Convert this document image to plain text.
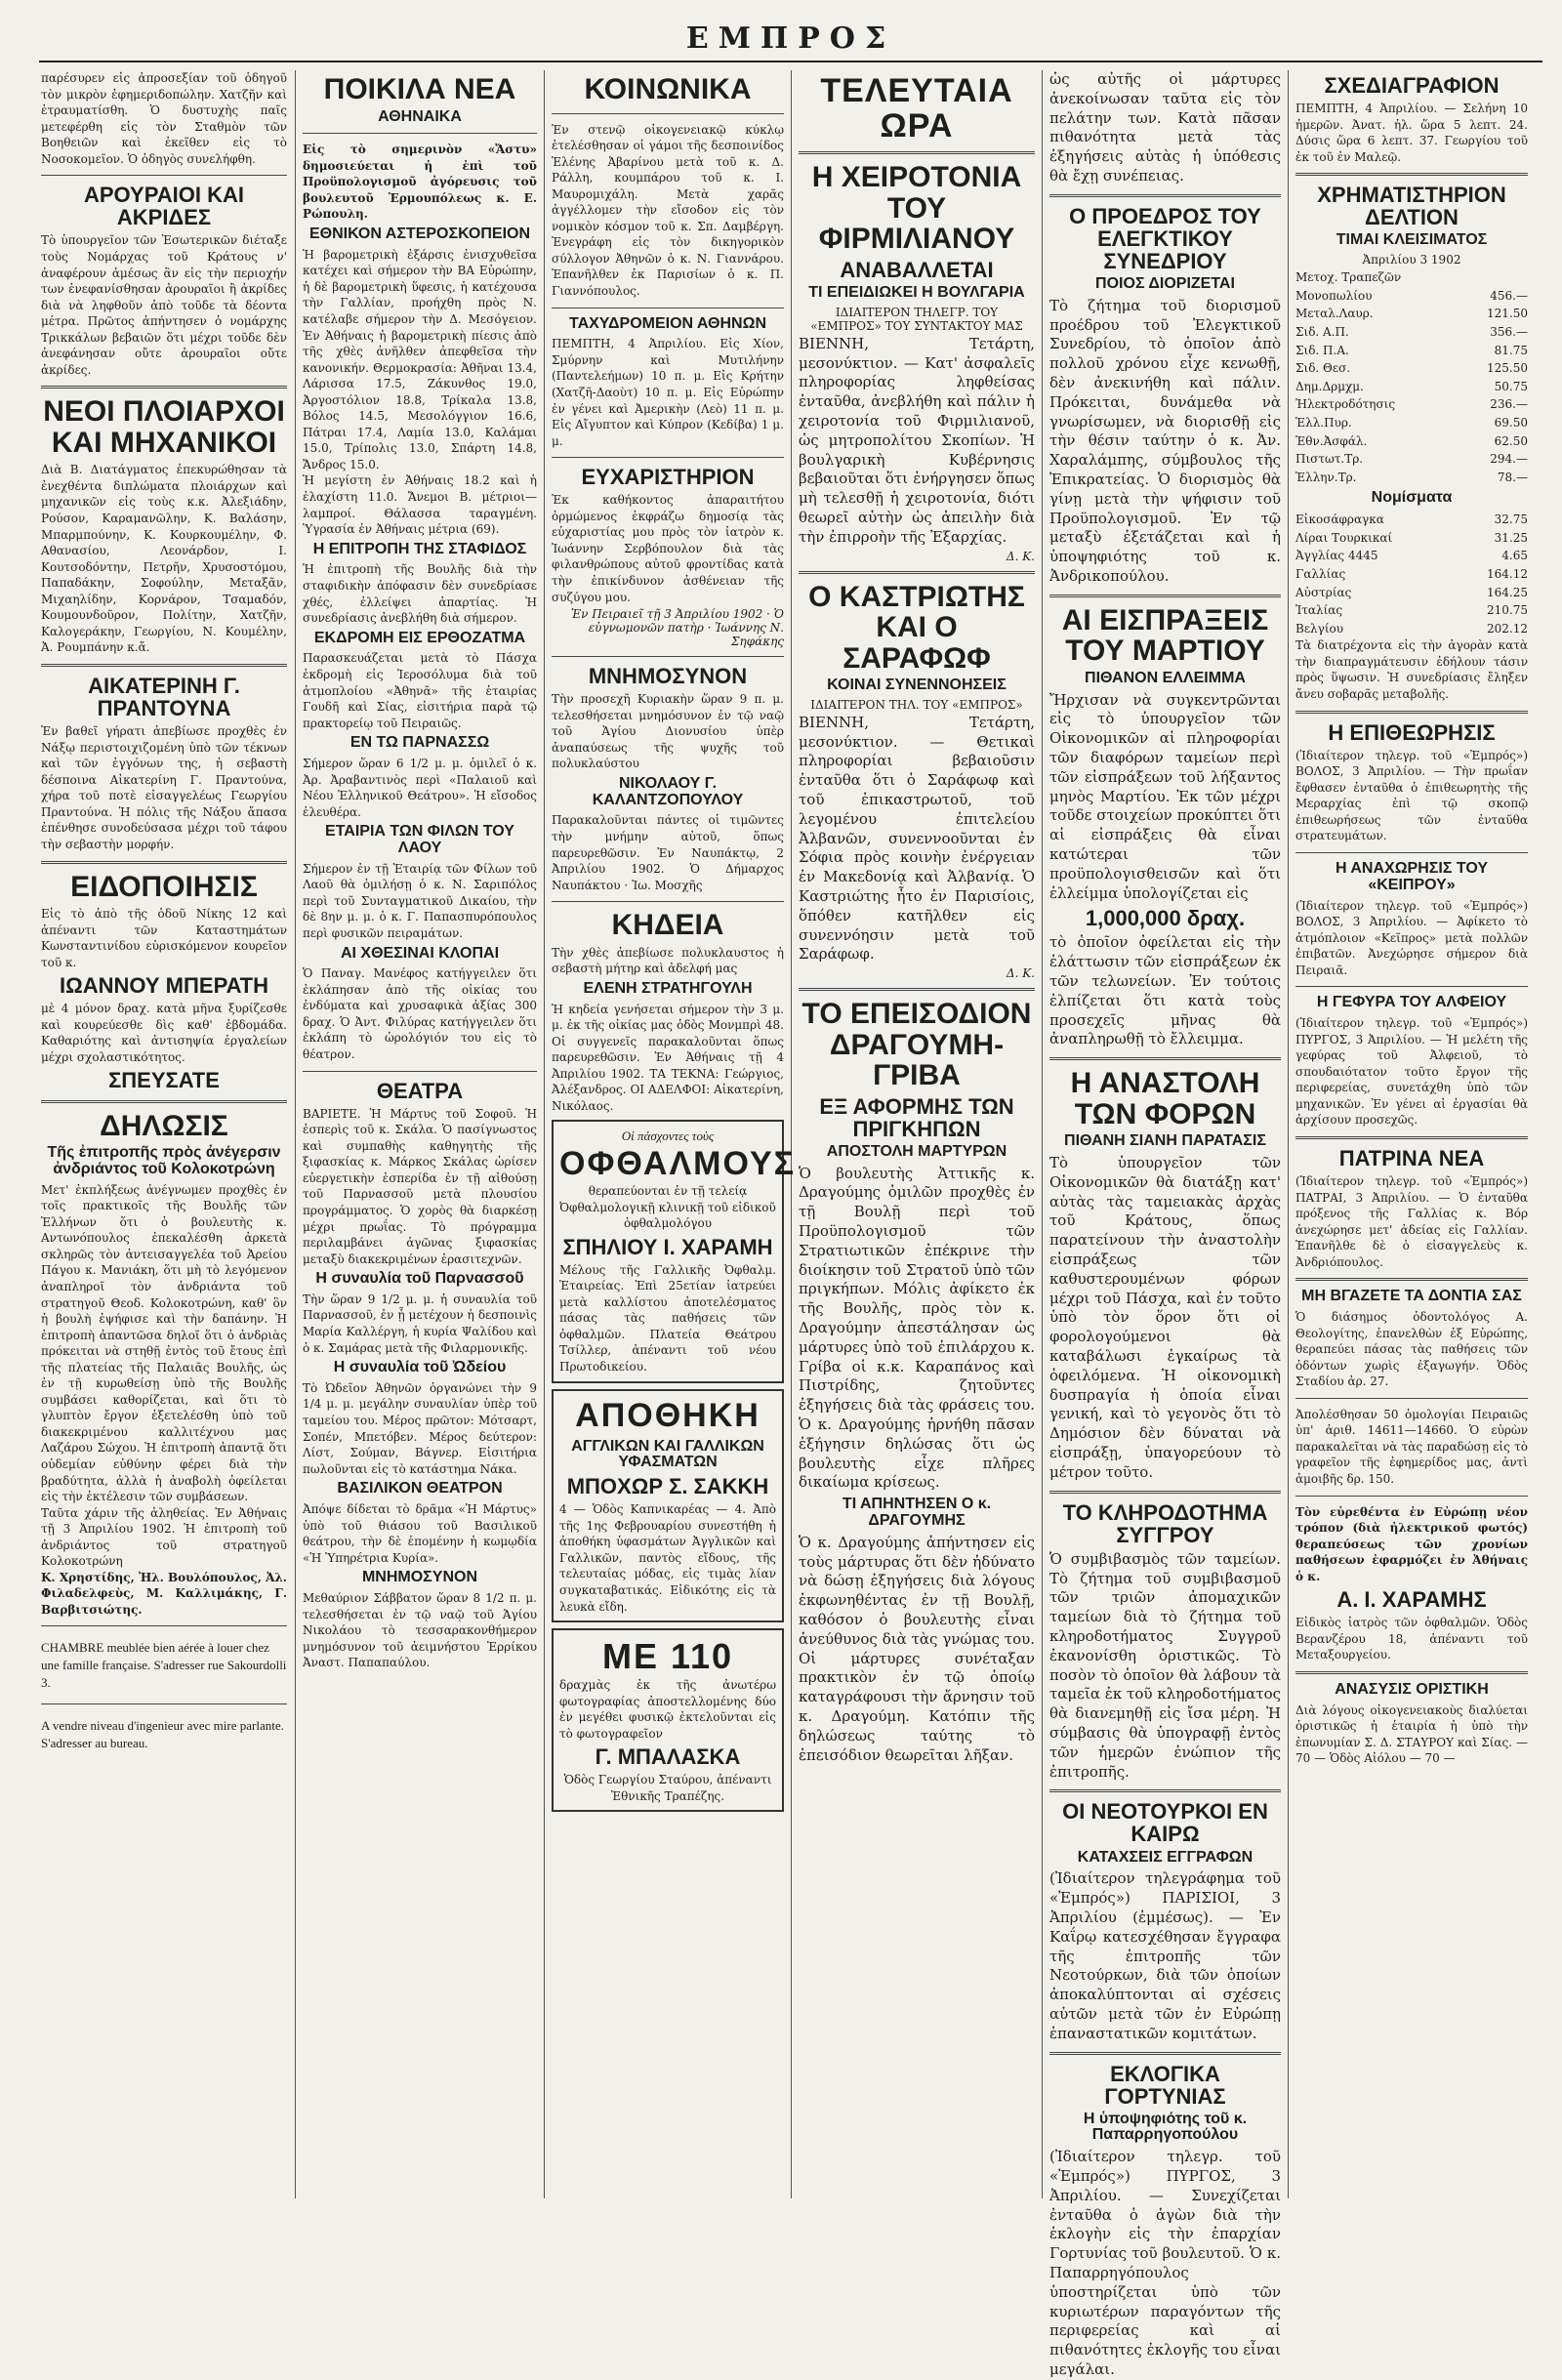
ΕΜΠΡΟΣ

παρέσυρεν εἰς ἀπροσεξίαν τοῦ ὁδηγοῦ τὸν μικρὸν ἐφημεριδοπώλην. Χατζῆν καὶ ἐτραυματίσθη. Ὁ δυστυχὴς παῖς μετεφέρθη εἰς τὸν Σταθμὸν τῶν Βοηθειῶν καὶ ἐκεῖθεν εἰς τὸ Νοσοκομεῖον. Ὁ ὁδηγὸς συνελήφθη.

ΑΡΟΥΡΑΙΟΙ ΚΑΙ ΑΚΡΙΔΕΣ

Τὸ ὑπουργεῖον τῶν Ἐσωτερικῶν διέταξε τοὺς Νομάρχας τοῦ Κράτους ν' ἀναφέρουν ἀμέσως ἂν εἰς τὴν περιοχήν των ἐνεφανίσθησαν ἀρουραῖοι ἢ ἀκρίδες διὰ νὰ ληφθοῦν ἀπὸ τοῦδε τὰ δέοντα μέτρα. Πρῶτος ἀπήντησεν ὁ νομάρχης Τρικκάλων βεβαιῶν ὅτι μέχρι τοῦδε δὲν ἀνεφάνησαν οὔτε ἀρουραῖοι οὔτε ἀκρίδες.

ΝΕΟΙ ΠΛΟΙΑΡΧΟΙ ΚΑΙ ΜΗΧΑΝΙΚΟΙ

Διὰ Β. Διατάγματος ἐπεκυρώθησαν τὰ ἐνεχθέντα διπλώματα πλοιάρχων καὶ μηχανικῶν εἰς τοὺς κ.κ. Ἀλεξιάδην, Ρούσον, Καραμανῶλην, Κ. Βαλάσην, Μπαρμπούνην, Κ. Κουρκουμέλην, Φ. Αθανασίου, Λεονάρδον, Ι. Κουτσοδόντην, Πετρῆν, Χρυσοστόμου, Παπαδάκην, Σοφούλην, Μεταξᾶν, Μιχαηλίδην, Κορνάρον, Τσαμαδόν, Κουμουνδοῦρον, Πολίτην, Χατζῆν, Καλογεράκην, Γεωργίου, Ν. Κουμέλην, Ἀ. Ρουμπάνην κ.ἄ.

ΑΙΚΑΤΕΡΙΝΗ Γ. ΠΡΑΝΤΟΥΝΑ

Ἐν βαθεῖ γήρατι ἀπεβίωσε προχθὲς ἐν Νάξῳ περιστοιχιζομένη ὑπὸ τῶν τέκνων καὶ τῶν ἐγγόνων της, ἡ σεβαστὴ δέσποινα Αἰκατερίνη Γ. Πραντούνα, χήρα τοῦ ποτὲ εἰσαγγελέως Γεωργίου Πραντούνα. Ἡ πόλις τῆς Νάξου ἄπασα ἐπένθησε συνοδεύσασα μέχρι τοῦ τάφου τὴν σεβαστὴν μορφήν.

ΕΙΔΟΠΟΙΗΣΙΣ

Εἰς τὸ ἀπὸ τῆς ὁδοῦ Νίκης 12 καὶ ἀπέναντι τῶν Καταστημάτων Κωνσταντινίδου εὑρισκόμενον κουρεῖον τοῦ κ.

ΙΩΑΝΝΟΥ ΜΠΕΡΑΤΗ

μὲ 4 μόνον δραχ. κατὰ μῆνα ξυρίζεσθε καὶ κουρεύεσθε δὶς καθ' ἑβδομάδα. Καθαριότης καὶ ἀντισηψία ἐργαλείων μέχρι σχολαστικότητος.

ΣΠΕΥΣΑΤΕ
ΔΗΛΩΣΙΣ
Τῆς ἐπιτροπῆς πρὸς ἀνέγερσιν ἀνδριάντος τοῦ Κολοκοτρώνη

Μετ' ἐκπλήξεως ἀνέγνωμεν προχθὲς ἐν τοῖς πρακτικοῖς τῆς Βουλῆς τῶν Ἑλλήνων ὅτι ὁ βουλευτὴς κ. Αντωνόπουλος ἐπεκαλέσθη ἀρκετὰ σκληρῶς τὸν ἀντεισαγγελέα τοῦ Ἀρείου Πάγου κ. Μανιάκη, ὅτι μὴ τὸ λεγόμενον ἀναπληροῖ τὸν ἀνδριάντα τοῦ στρατηγοῦ Θεοδ. Κολοκοτρώνη, καθ' ὃν ἡ βουλὴ ἐψήφισε καὶ τὴν δαπάνην. Ἡ ἐπιτροπὴ ἀπαντῶσα δηλοῖ ὅτι ὁ ἀνδριὰς πρόκειται νὰ στηθῇ ἐντὸς τοῦ ἔτους ἐπὶ τῆς πλατείας τῆς Παλαιᾶς Βουλῆς, ὡς ἐν τῇ κυρωθείσῃ ὑπὸ τῆς Βουλῆς συμβάσει καθορίζεται, καὶ ὅτι τὸ γλυπτὸν ἔργον ἐξετελέσθη ὑπὸ τοῦ διακεκριμένου καλλιτέχνου μας Λαζάρου Σώχου. Ἡ ἐπιτροπὴ ἀπαντᾷ ὅτι οὐδεμίαν εὐθύνην φέρει διὰ τὴν βραδύτητα, ἀλλὰ ἡ ἀναβολὴ ὀφείλεται εἰς τὴν ἐκτέλεσιν τῶν συμβάσεων.

Ταῦτα χάριν τῆς ἀληθείας. Ἐν Ἀθήναις τῇ 3 Ἀπριλίου 1902. Ἡ ἐπιτροπὴ τοῦ ἀνδριάντος τοῦ στρατηγοῦ Κολοκοτρώνη

Κ. Χρηστίδης, Ἠλ. Βουλόπουλος, Ἀλ. Φιλαδελφεὺς, Μ. Καλλιμάκης, Γ. Βαρβιτσιώτης.

CHAMBRE meublée bien aérée à louer chez une famille française. S'adresser rue Sakourdolli 3.

A vendre niveau d'ingenieur avec mire parlante. S'adresser au bureau.

ΠΟΙΚΙΛΑ ΝΕΑ
ΑΘΗΝΑΙΚΑ

Εἰς τὸ σημερινὸν «Ἄστυ» δημοσιεύεται ἡ ἐπὶ τοῦ Προϋπολογισμοῦ ἀγόρευσις τοῦ βουλευτοῦ Ἑρμουπόλεως κ. Ε. Ρώπουλη.

ΕΘΝΙΚΟΝ ΑΣΤΕΡΟΣΚΟΠΕΙΟΝ

Ἡ βαρομετρικὴ ἐξάρσις ἐνισχυθεῖσα κατέχει καὶ σήμερον τὴν ΒΑ Εὐρώπην, ἡ δὲ βαρομετρικὴ ὕφεσις, ἡ κατέχουσα τὴν Γαλλίαν, προήχθη πρὸς Ν. κατέλαβε σήμερον τὴν Δ. Μεσόγειον. Ἐν Ἀθήναις ἡ βαρομετρικὴ πίεσις ἀπὸ τῆς χθὲς ἀνῆλθεν ἀπεφθεῖσα τὴν κανονικήν. Θερμοκρασία: Ἀθῆναι 13.4, Λάρισσα 17.5, Ζάκυνθος 19.0, Ἀργοστόλιον 18.8, Τρίκαλα 13.8, Βόλος 14.5, Μεσολόγγιον 16.6, Πάτραι 17.4, Λαμία 13.0, Καλάμαι 15.0, Τρίπολις 13.0, Σπάρτη 14.8, Ἄνδρος 15.0.

Ἡ μεγίστη ἐν Ἀθήναις 18.2 καὶ ἡ ἐλαχίστη 11.0. Ἄνεμοι Β. μέτριοι—λαμπροί. Θάλασσα ταραγμένη. Ὑγρασία ἐν Ἀθήναις μέτρια (69).

Η ΕΠΙΤΡΟΠΗ ΤΗΣ ΣΤΑΦΙΔΟΣ

Ἡ ἐπιτροπὴ τῆς Βουλῆς διὰ τὴν σταφιδικὴν ἀπόφασιν δὲν συνεδρίασε χθές, ἐλλείψει ἀπαρτίας. Ἡ συνεδρίασις ἀνεβλήθη διὰ σήμερον.

ΕΚΔΡΟΜΗ ΕΙΣ ΕΡΘΟΖΑΤΜΑ

Παρασκευάζεται μετὰ τὸ Πάσχα ἐκδρομὴ εἰς Ἱεροσόλυμα διὰ τοῦ ἀτμοπλοίου «Ἀθηνᾶ» τῆς ἑταιρίας Γουδῆ καὶ Σίας, εἰσιτήρια παρὰ τῷ πρακτορείῳ τοῦ Πειραιῶς.

ΕΝ ΤΩ ΠΑΡΝΑΣΣΩ

Σήμερον ὥραν 6 1/2 μ. μ. ὁμιλεῖ ὁ κ. Ἀρ. Ἀραβαντινὸς περὶ «Παλαιοῦ καὶ Νέου Ἑλληνικοῦ Θεάτρου». Ἡ εἴσοδος ἐλευθέρα.

ΕΤΑΙΡΙΑ ΤΩΝ ΦΙΛΩΝ ΤΟΥ ΛΑΟΥ

Σήμερον ἐν τῇ Ἑταιρίᾳ τῶν Φίλων τοῦ Λαοῦ θὰ ὁμιλήσῃ ὁ κ. Ν. Σαριπόλος περὶ τοῦ Συνταγματικοῦ Δικαίου, τὴν δὲ 8ην μ. μ. ὁ κ. Γ. Παπασπυρόπουλος περὶ φυσικῶν πειραμάτων.

ΑΙ ΧΘΕΣΙΝΑΙ ΚΛΟΠΑΙ

Ὁ Παναγ. Μανέφος κατήγγειλεν ὅτι ἐκλάπησαν ἀπὸ τῆς οἰκίας του ἐνδύματα καὶ χρυσαφικὰ ἀξίας 300 δραχ. Ὁ Ἀντ. Φιλύρας κατήγγειλεν ὅτι ἐκλάπη τὸ ὡρολόγιόν του εἰς τὸ θέατρον.

ΘΕΑΤΡΑ

ΒΑΡΙΕΤΕ. Ἡ Μάρτυς τοῦ Σοφοῦ. Ἡ ἐσπερὶς τοῦ κ. Σκάλα. Ὁ πασίγνωστος καὶ συμπαθὴς καθηγητὴς τῆς ξιφασκίας κ. Μάρκος Σκάλας ὡρίσεν εὐεργετικὴν ἑσπερίδα ἐν τῇ αἰθούσῃ τοῦ Παρνασσοῦ μετὰ πλουσίου προγράμματος. Ὁ χορὸς θὰ διαρκέσῃ μέχρι πρωΐας. Τὸ πρόγραμμα περιλαμβάνει ἀγῶνας ξιφασκίας μεταξὺ διακεκριμένων ἐρασιτεχνῶν.

Η συναυλία τοῦ Παρνασσοῦ

Τὴν ὥραν 9 1/2 μ. μ. ἡ συναυλία τοῦ Παρνασσοῦ, ἐν ᾗ μετέχουν ἡ δεσποινὶς Μαρία Καλλέργη, ἡ κυρία Ψαλίδου καὶ ὁ κ. Σαμάρας μετὰ τῆς Φιλαρμονικῆς.

Η συναυλία τοῦ Ὠδείου

Τὸ Ὠδεῖον Ἀθηνῶν ὀργανώνει τὴν 9 1/4 μ. μ. μεγάλην συναυλίαν ὑπὲρ τοῦ ταμείου του. Μέρος πρῶτον: Μότσαρτ, Σοπέν, Μπετόβεν. Μέρος δεύτερον: Λίστ, Σούμαν, Βάγνερ. Εἰσιτήρια πωλοῦνται εἰς τὸ κατάστημα Νάκα.

ΒΑΣΙΛΙΚΟΝ ΘΕΑΤΡΟΝ

Ἀπόψε δίδεται τὸ δρᾶμα «Ἡ Μάρτυς» ὑπὸ τοῦ θιάσου τοῦ Βασιλικοῦ θεάτρου, τὴν δὲ ἐπομένην ἡ κωμῳδία «Ἡ Ὑπηρέτρια Κυρία».

ΜΝΗΜΟΣΥΝΟΝ

Μεθαύριον Σάββατον ὥραν 8 1/2 π. μ. τελεσθήσεται ἐν τῷ ναῷ τοῦ Ἁγίου Νικολάου τὸ τεσσαρακονθήμερον μνημόσυνον τοῦ ἀειμνήστου Ἐρρίκου Ἀναστ. Παπαπαύλου.

ΚΟΙΝΩΝΙΚΑ

Ἐν στενῷ οἰκογενειακῷ κύκλῳ ἐτελέσθησαν οἱ γάμοι τῆς δεσποινίδος Ἑλένης Ἀβαρίνου μετὰ τοῦ κ. Δ. Ράλλη, κουμπάρου τοῦ κ. Ι. Μαυρομιχάλη. Μετὰ χαρᾶς ἀγγέλλομεν τὴν εἴσοδον εἰς τὸν νομικὸν κόσμον τοῦ κ. Σπ. Δαμβέργη. Ἐνεγράφη εἰς τὸν δικηγορικὸν σύλλογον Ἀθηνῶν ὁ κ. Ν. Γιαννάρου. Ἐπανῆλθεν ἐκ Παρισίων ὁ κ. Π. Γιαννόπουλος.

ΤΑΧΥΔΡΟΜΕΙΟΝ ΑΘΗΝΩΝ

ΠΕΜΠΤΗ, 4 Ἀπριλίου. Εἰς Χίον, Σμύρνην καὶ Μυτιλήνην (Παντελεήμων) 10 π. μ. Εἰς Κρήτην (Χατζῆ-Δαοὺτ) 10 π. μ. Εἰς Εὐρώπην ἐν γένει καὶ Ἀμερικὴν (Λεὸ) 11 π. μ. Εἰς Αἴγυπτον καὶ Κύπρον (Κεδίβα) 1 μ. μ.

ΕΥΧΑΡΙΣΤΗΡΙΟΝ

Ἐκ καθήκοντος ἀπαραιτήτου ὀρμώμενος ἐκφράζω δημοσίᾳ τὰς εὐχαριστίας μου πρὸς τὸν ἰατρὸν κ. Ἰωάννην Σερβόπουλον διὰ τὰς φιλανθρώπους αὐτοῦ φροντίδας κατὰ τὴν ἐπικίνδυνον ἀσθένειαν τῆς συζύγου μου.

Ἐν Πειραιεῖ τῇ 3 Ἀπριλίου 1902 · Ὁ εὐγνωμονῶν πατὴρ · Ἰωάννης Ν. Σηφάκης

ΜΝΗΜΟΣΥΝΟΝ

Τὴν προσεχῆ Κυριακὴν ὥραν 9 π. μ. τελεσθήσεται μνημόσυνον ἐν τῷ ναῷ τοῦ Ἁγίου Διονυσίου ὑπὲρ ἀναπαύσεως τῆς ψυχῆς τοῦ πολυκλαύστου

ΝΙΚΟΛΑΟΥ Γ. ΚΑΛΑΝΤΖΟΠΟΥΛΟΥ

Παρακαλοῦνται πάντες οἱ τιμῶντες τὴν μνήμην αὐτοῦ, ὅπως παρευρεθῶσιν. Ἐν Ναυπάκτῳ, 2 Ἀπριλίου 1902. Ὁ Δήμαρχος Ναυπάκτου · Ἰω. Μοσχῆς

ΚΗΔΕΙΑ

Τὴν χθὲς ἀπεβίωσε πολυκλαυστος ἡ σεβαστὴ μήτηρ καὶ ἀδελφή μας

ΕΛΕΝΗ ΣΤΡΑΤΗΓΟΥΛΗ

Ἡ κηδεία γενήσεται σήμερον τὴν 3 μ. μ. ἐκ τῆς οἰκίας μας ὁδὸς Μονμπρὶ 48. Οἱ συγγενεῖς παρακαλοῦνται ὅπως παρευρεθῶσιν. Ἐν Ἀθήναις τῇ 4 Ἀπριλίου 1902. ΤΑ ΤΕΚΝΑ: Γεώργιος, Ἀλέξανδρος. ΟΙ ΑΔΕΛΦΟΙ: Αἰκατερίνη, Νικόλαος.

Οἱ πάσχοντες τοὺς
ΟΦΘΑΛΜΟΥΣ

θεραπεύονται ἐν τῇ τελείᾳ Ὀφθαλμολογικῇ κλινικῇ τοῦ εἰδικοῦ ὀφθαλμολόγου

ΣΠΗΛΙΟΥ Ι. ΧΑΡΑΜΗ

Μέλους τῆς Γαλλικῆς Ὀφθαλμ. Ἑταιρείας. Ἐπὶ 25ετίαν ἰατρεύει μετὰ καλλίστου ἀποτελέσματος πάσας τὰς παθήσεις τῶν ὀφθαλμῶν. Πλατεία Θεάτρου Τσίλλερ, ἀπέναντι τοῦ νέου Πρωτοδικείου.

ΑΠΟΘΗΚΗ
ΑΓΓΛΙΚΩΝ ΚΑΙ ΓΑΛΛΙΚΩΝ ΥΦΑΣΜΑΤΩΝ
ΜΠΟΧΩΡ Σ. ΣΑΚΚΗ

4 — Ὁδὸς Καπνικαρέας — 4. Ἀπὸ τῆς 1ης Φεβρουαρίου συνεστήθη ἡ ἀποθήκη ὑφασμάτων Ἀγγλικῶν καὶ Γαλλικῶν, παντὸς εἴδους, τῆς τελευταίας μόδας, εἰς τιμὰς λίαν συγκαταβατικάς. Εἰδικότης εἰς τὰ λευκὰ εἴδη.

ΜΕ 110

δραχμὰς ἐκ τῆς ἀνωτέρω φωτογραφίας ἀποστελλομένης δύο ἐν μεγέθει φυσικῷ ἐκτελοῦνται εἰς τὸ φωτογραφεῖον

Γ. ΜΠΑΛΑΣΚΑ

Ὁδὸς Γεωργίου Σταύρου, ἀπέναντι Ἐθνικῆς Τραπέζης.

ΤΕΛΕΥΤΑΙΑ ΩΡΑ
Η ΧΕΙΡΟΤΟΝΙΑ ΤΟΥ ΦΙΡΜΙΛΙΑΝΟΥ
ΑΝΑΒΑΛΛΕΤΑΙ
ΤΙ ΕΠΕΙΔΙΩΚΕΙ Η ΒΟΥΛΓΑΡΙΑ
ΙΔΙΑΙΤΕΡΟΝ ΤΗΛΕΓΡ. ΤΟΥ «ΕΜΠΡΟΣ» ΤΟΥ ΣΥΝΤΑΚΤΟΥ ΜΑΣ

ΒΙΕΝΝΗ, Τετάρτη, μεσονύκτιον. — Κατ' ἀσφαλεῖς πληροφορίας ληφθείσας ἐνταῦθα, ἀνεβλήθη καὶ πάλιν ἡ χειροτονία τοῦ Φιρμιλιανοῦ, ὡς μητροπολίτου Σκοπίων. Ἡ βουλγαρικὴ Κυβέρνησις βεβαιοῦται ὅτι ἐνήργησεν ὅπως μὴ τελεσθῇ ἡ χειροτονία, διότι θεωρεῖ αὐτὴν ὡς ἀπειλὴν διὰ τὴν ἐπιρροὴν τῆς Ἐξαρχίας.

Δ. Κ.

Ο ΚΑΣΤΡΙΩΤΗΣ ΚΑΙ Ο ΣΑΡΑΦΩΦ
ΚΟΙΝΑΙ ΣΥΝΕΝΝΟΗΣΕΙΣ
ΙΔΙΑΙΤΕΡΟΝ ΤΗΛ. ΤΟΥ «ΕΜΠΡΟΣ»

ΒΙΕΝΝΗ, Τετάρτη, μεσονύκτιον. — Θετικαὶ πληροφορίαι βεβαιοῦσιν ἐνταῦθα ὅτι ὁ Σαράφωφ καὶ τοῦ ἐπικαστρωτοῦ, τοῦ λεγομένου ἐπιτελείου Ἀλβανῶν, συνεννοοῦνται ἐν Σόφια πρὸς κοινὴν ἐνέργειαν ἐν Μακεδονίᾳ καὶ Ἀλβανίᾳ. Ὁ Καστριώτης ἦτο ἐν Παρισίοις, ὅπόθεν κατῆλθεν εἰς συνεννόησιν μετὰ τοῦ Σαράφωφ.

Δ. Κ.

ΤΟ ΕΠΕΙΣΟΔΙΟΝ ΔΡΑΓΟΥΜΗ-ΓΡΙΒΑ
ΕΞ ΑΦΟΡΜΗΣ ΤΩΝ ΠΡΙΓΚΗΠΩΝ
ΑΠΟΣΤΟΛΗ ΜΑΡΤΥΡΩΝ

Ὁ βουλευτὴς Ἀττικῆς κ. Δραγούμης ὁμιλῶν προχθὲς ἐν τῇ Βουλῇ περὶ τοῦ Προϋπολογισμοῦ τῶν Στρατιωτικῶν ἐπέκρινε τὴν διοίκησιν τοῦ Στρατοῦ ὑπὸ τῶν πριγκήπων. Μόλις ἀφίκετο ἐκ τῆς Βουλῆς, πρὸς τὸν κ. Δραγούμην ἀπεστάλησαν ὡς μάρτυρες ὑπὸ τοῦ ἐπιλάρχου κ. Γρίβα οἱ κ.κ. Καραπάνος καὶ Πιστρίδης, ζητοῦντες ἐξηγήσεις διὰ τὰς φράσεις του. Ὁ κ. Δραγούμης ἠρνήθη πᾶσαν ἐξήγησιν δηλώσας ὅτι ὡς βουλευτὴς εἶχε πλῆρες δικαίωμα κρίσεως.

ΤΙ ΑΠΗΝΤΗΣΕΝ Ο κ. ΔΡΑΓΟΥΜΗΣ

Ὁ κ. Δραγούμης ἀπήντησεν εἰς τοὺς μάρτυρας ὅτι δὲν ἠδύνατο νὰ δώσῃ ἐξηγήσεις διὰ λόγους ἐκφωνηθέντας ἐν τῇ Βουλῇ, καθόσον ὁ βουλευτὴς εἶναι ἀνεύθυνος διὰ τὰς γνώμας του. Οἱ μάρτυρες συνέταξαν πρακτικὸν ἐν τῷ ὁποίῳ καταγράφουσι τὴν ἄρνησιν τοῦ κ. Δραγούμη. Κατόπιν τῆς δηλώσεως ταύτης τὸ ἐπεισόδιον θεωρεῖται λῆξαν.

ὡς αὐτῆς οἱ μάρτυρες ἀνεκοίνωσαν ταῦτα εἰς τὸν πελάτην των. Κατὰ πᾶσαν πιθανότητα μετὰ τὰς ἐξηγήσεις αὐτὰς ἡ ὑπόθεσις θὰ ἔχῃ συνέπειας.

Ο ΠΡΟΕΔΡΟΣ ΤΟΥ ΕΛΕΓΚΤΙΚΟΥ ΣΥΝΕΔΡΙΟΥ
ΠΟΙΟΣ ΔΙΟΡΙΖΕΤΑΙ

Τὸ ζήτημα τοῦ διορισμοῦ προέδρου τοῦ Ἐλεγκτικοῦ Συνεδρίου, τὸ ὁποῖον ἀπὸ πολλοῦ χρόνου εἶχε κενωθῇ, δὲν ἀνεκινήθη καὶ πάλιν. Πρόκειται, δυνάμεθα νὰ γνωρίσωμεν, νὰ διορισθῇ εἰς τὴν θέσιν ταύτην ὁ κ. Ἀν. Χαραλάμπης, σύμβουλος τῆς Ἐπικρατείας. Ὁ διορισμὸς θὰ γίνῃ μετὰ τὴν ψήφισιν τοῦ Προϋπολογισμοῦ. Ἐν τῷ μεταξὺ ἐξετάζεται καὶ ἡ ὑποψηφιότης τοῦ κ. Ἀνδρικοπούλου.

ΑΙ ΕΙΣΠΡΑΞΕΙΣ ΤΟΥ ΜΑΡΤΙΟΥ
ΠΙΘΑΝΟΝ ΕΛΛΕΙΜΜΑ

Ἤρχισαν νὰ συγκεντρῶνται εἰς τὸ ὑπουργεῖον τῶν Οἰκονομικῶν αἱ πληροφορίαι τῶν διαφόρων ταμείων περὶ τῶν εἰσπράξεων τοῦ λήξαντος μηνὸς Μαρτίου. Ἐκ τῶν μέχρι τοῦδε στοιχείων προκύπτει ὅτι αἱ εἰσπράξεις θὰ εἶναι κατώτεραι τῶν προϋπολογισθεισῶν καὶ ὅτι ἐλλείμμα ὑπολογίζεται εἰς

1,000,000 δραχ.

τὸ ὁποῖον ὀφείλεται εἰς τὴν ἐλάττωσιν τῶν εἰσπράξεων ἐκ τῶν τελωνείων. Ἐν τούτοις ἐλπίζεται ὅτι κατὰ τοὺς προσεχεῖς μῆνας θὰ ἀναπληρωθῇ τὸ ἔλλειμμα.

Η ΑΝΑΣΤΟΛΗ ΤΩΝ ΦΟΡΩΝ
ΠΙΘΑΝΗ ΣΙΑΝΗ ΠΑΡΑΤΑΣΙΣ

Τὸ ὑπουργεῖον τῶν Οἰκονομικῶν θὰ διατάξῃ κατ' αὐτὰς τὰς ταμειακὰς ἀρχὰς τοῦ Κράτους, ὅπως παρατείνουν τὴν ἀναστολὴν εἰσπράξεως τῶν καθυστερουμένων φόρων μέχρι τοῦ Πάσχα, καὶ ἐν τοῦτο ὑπὸ τὸν ὅρον ὅτι οἱ φορολογούμενοι θὰ καταβάλωσι ἐγκαίρως τὰ ὀφειλόμενα. Ἡ οἰκονομικὴ δυσπραγία ἡ ὁποία εἶναι γενική, καὶ τὸ γεγονὸς ὅτι τὸ Δημόσιον δὲν δύναται νὰ εἰσπράξῃ, ὑπαγορεύουν τὸ μέτρον τοῦτο.

ΤΟ ΚΛΗΡΟΔΟΤΗΜΑ ΣΥΓΓΡΟΥ

Ὁ συμβιβασμὸς τῶν ταμείων. Τὸ ζήτημα τοῦ συμβιβασμοῦ τῶν τριῶν ἀπομαχικῶν ταμείων διὰ τὸ ζήτημα τοῦ κληροδοτήματος Συγγροῦ ἐκανονίσθη ὁριστικῶς. Τὸ ποσὸν τὸ ὁποῖον θὰ λάβουν τὰ ταμεῖα ἐκ τοῦ κληροδοτήματος θὰ διανεμηθῇ εἰς ἴσα μέρη. Ἡ σύμβασις θὰ ὑπογραφῇ ἐντὸς τῶν ἡμερῶν ἐνώπιον τῆς ἐπιτροπῆς.

ΟΙ ΝΕΟΤΟΥΡΚΟΙ ΕΝ ΚΑΙΡΩ
ΚΑΤΑΧΣΕΙΣ ΕΓΓΡΑΦΩΝ

(Ἰδιαίτερον τηλεγράφημα τοῦ «Ἐμπρός») ΠΑΡΙΣΙΟΙ, 3 Ἀπριλίου (ἐμμέσως). — Ἐν Καΐρῳ κατεσχέθησαν ἔγγραφα τῆς ἐπιτροπῆς τῶν Νεοτούρκων, διὰ τῶν ὁποίων ἀποκαλύπτονται αἱ σχέσεις αὐτῶν μετὰ τῶν ἐν Εὐρώπῃ ἐπαναστατικῶν κομιτάτων.

ΕΚΛΟΓΙΚΑ ΓΟΡΤΥΝΙΑΣ
Η ὑποψηφιότης τοῦ κ. Παπαρρηγοπούλου

(Ἰδιαίτερον τηλεγρ. τοῦ «Ἐμπρός») ΠΥΡΓΟΣ, 3 Ἀπριλίου. — Συνεχίζεται ἐνταῦθα ὁ ἀγὼν διὰ τὴν ἐκλογὴν εἰς τὴν ἐπαρχίαν Γορτυνίας τοῦ βουλευτοῦ. Ὁ κ. Παπαρρηγόπουλος ὑποστηρίζεται ὑπὸ τῶν κυριωτέρων παραγόντων τῆς περιφερείας καὶ αἱ πιθανότητες ἐκλογῆς του εἶναι μεγάλαι.

ΣΧΕΔΙΑΓΡΑΦΙΟΝ

ΠΕΜΠΤΗ, 4 Ἀπριλίου. — Σελήνη 10 ἡμερῶν. Ἀνατ. ἡλ. ὥρα 5 λεπτ. 24. Δύσις ὥρα 6 λεπτ. 37. Γεωργίου τοῦ ἐκ τοῦ ἐν Μαλεῷ.

ΧΡΗΜΑΤΙΣΤΗΡΙΟΝ ΔΕΛΤΙΟΝ
ΤΙΜΑΙ ΚΛΕΙΣΙΜΑΤΟΣ
Ἀπριλίου 3 1902
Μετοχ. Τραπεζῶν
Μονοπωλίου	456.—
Μεταλ.Λαυρ.	121.50
Σιδ. Α.Π.	356.—
Σιδ. Π.Α.	81.75
Σιδ. Θεσ.	125.50
Δημ.Δρμχμ.	50.75
Ἠλεκτροδότησις	236.—
Ἑλλ.Πυρ.	69.50
Ἐθν.Ἀσφάλ.	62.50
Πιστωτ.Τρ.	294.—
Ἑλλην.Τρ.	78.—
Νομίσματα
Εἰκοσάφραγκα	32.75
Λίραι Τουρκικαί	31.25
Ἀγγλίας 4445	4.65
Γαλλίας	164.12
Αὐστρίας	164.25
Ἰταλίας	210.75
Βελγίου	202.12

Τὰ διατρέχοντα εἰς τὴν ἀγορὰν κατὰ τὴν διαπραγμάτευσιν ἐδήλουν τάσιν πρὸς ὕψωσιν. Ἡ συνεδρίασις ἔληξεν ἄνευ σοβαρᾶς μεταβολῆς.

Η ΕΠΙΘΕΩΡΗΣΙΣ

(Ἰδιαίτερον τηλεγρ. τοῦ «Ἐμπρός») ΒΟΛΟΣ, 3 Ἀπριλίου. — Τὴν πρωΐαν ἔφθασεν ἐνταῦθα ὁ ἐπιθεωρητὴς τῆς Μεραρχίας ἐπὶ τῷ σκοπῷ ἐπιθεωρήσεως τῶν ἐνταῦθα στρατευμάτων.

Η ΑΝΑΧΩΡΗΣΙΣ ΤΟΥ «ΚΕΙΠΡΟΥ»

(Ἰδιαίτερον τηλεγρ. τοῦ «Ἐμπρός») ΒΟΛΟΣ, 3 Ἀπριλίου. — Ἀφίκετο τὸ ἀτμόπλοιον «Κεῖπρος» μετὰ πολλῶν ἐπιβατῶν. Ἀνεχώρησε σήμερον διὰ Πειραιᾶ.

Η ΓΕΦΥΡΑ ΤΟΥ ΑΛΦΕΙΟΥ

(Ἰδιαίτερον τηλεγρ. τοῦ «Ἐμπρός») ΠΥΡΓΟΣ, 3 Ἀπριλίου. — Ἡ μελέτη τῆς γεφύρας τοῦ Ἀλφειοῦ, τὸ σπουδαιότατον τοῦτο ἔργον τῆς περιφερείας, συνετάχθη ὑπὸ τῶν μηχανικῶν. Ἐν γένει αἱ ἐργασίαι θὰ ἀρχίσουν προσεχῶς.

ΠΑΤΡΙΝΑ ΝΕΑ

(Ἰδιαίτερον τηλεγρ. τοῦ «Ἐμπρός») ΠΑΤΡΑΙ, 3 Ἀπριλίου. — Ὁ ἐνταῦθα πρόξενος τῆς Γαλλίας κ. Βόρ ἀνεχώρησε μετ' ἀδείας εἰς Γαλλίαν. Ἐπανῆλθε δὲ ὁ εἰσαγγελεὺς κ. Ἀνδριόπουλος.

ΜΗ ΒΓΑΖΕΤΕ ΤΑ ΔΟΝΤΙΑ ΣΑΣ

Ὁ διάσημος ὀδοντολόγος Α. Θεολογίτης, ἐπανελθὼν ἐξ Εὐρώπης, θεραπεύει πάσας τὰς παθήσεις τῶν ὀδόντων χωρὶς ἐξαγωγήν. Ὁδὸς Σταδίου ἀρ. 27.

Ἀπολέσθησαν 50 ὁμολογίαι Πειραιῶς ὑπ' ἀριθ. 14611—14660. Ὁ εὑρὼν παρακαλεῖται νὰ τὰς παραδώσῃ εἰς τὸ γραφεῖον τῆς ἐφημερίδος μας, ἀντὶ ἀμοιβῆς δρ. 150.

Τὸν εὑρεθέντα ἐν Εὐρώπῃ νέον τρόπον (διὰ ἠλεκτρικοῦ φωτός) θεραπεύσεως τῶν χρονίων παθήσεων ἐφαρμόζει ἐν Ἀθήναις ὁ κ.

Α. Ι. ΧΑΡΑΜΗΣ

Εἰδικὸς ἰατρὸς τῶν ὀφθαλμῶν. Ὁδὸς Βερανζέρου 18, ἀπέναντι τοῦ Μεταξουργείου.

ΑΝΑΣΥΣΙΣ ΟΡΙΣΤΙΚΗ

Διὰ λόγους οἰκογενειακοὺς διαλύεται ὁριστικῶς ἡ ἑταιρία ἡ ὑπὸ τὴν ἐπωνυμίαν Σ. Δ. ΣΤΑΥΡΟΥ καὶ Σίας. — 70 — Ὁδὸς Αἰόλου — 70 —
